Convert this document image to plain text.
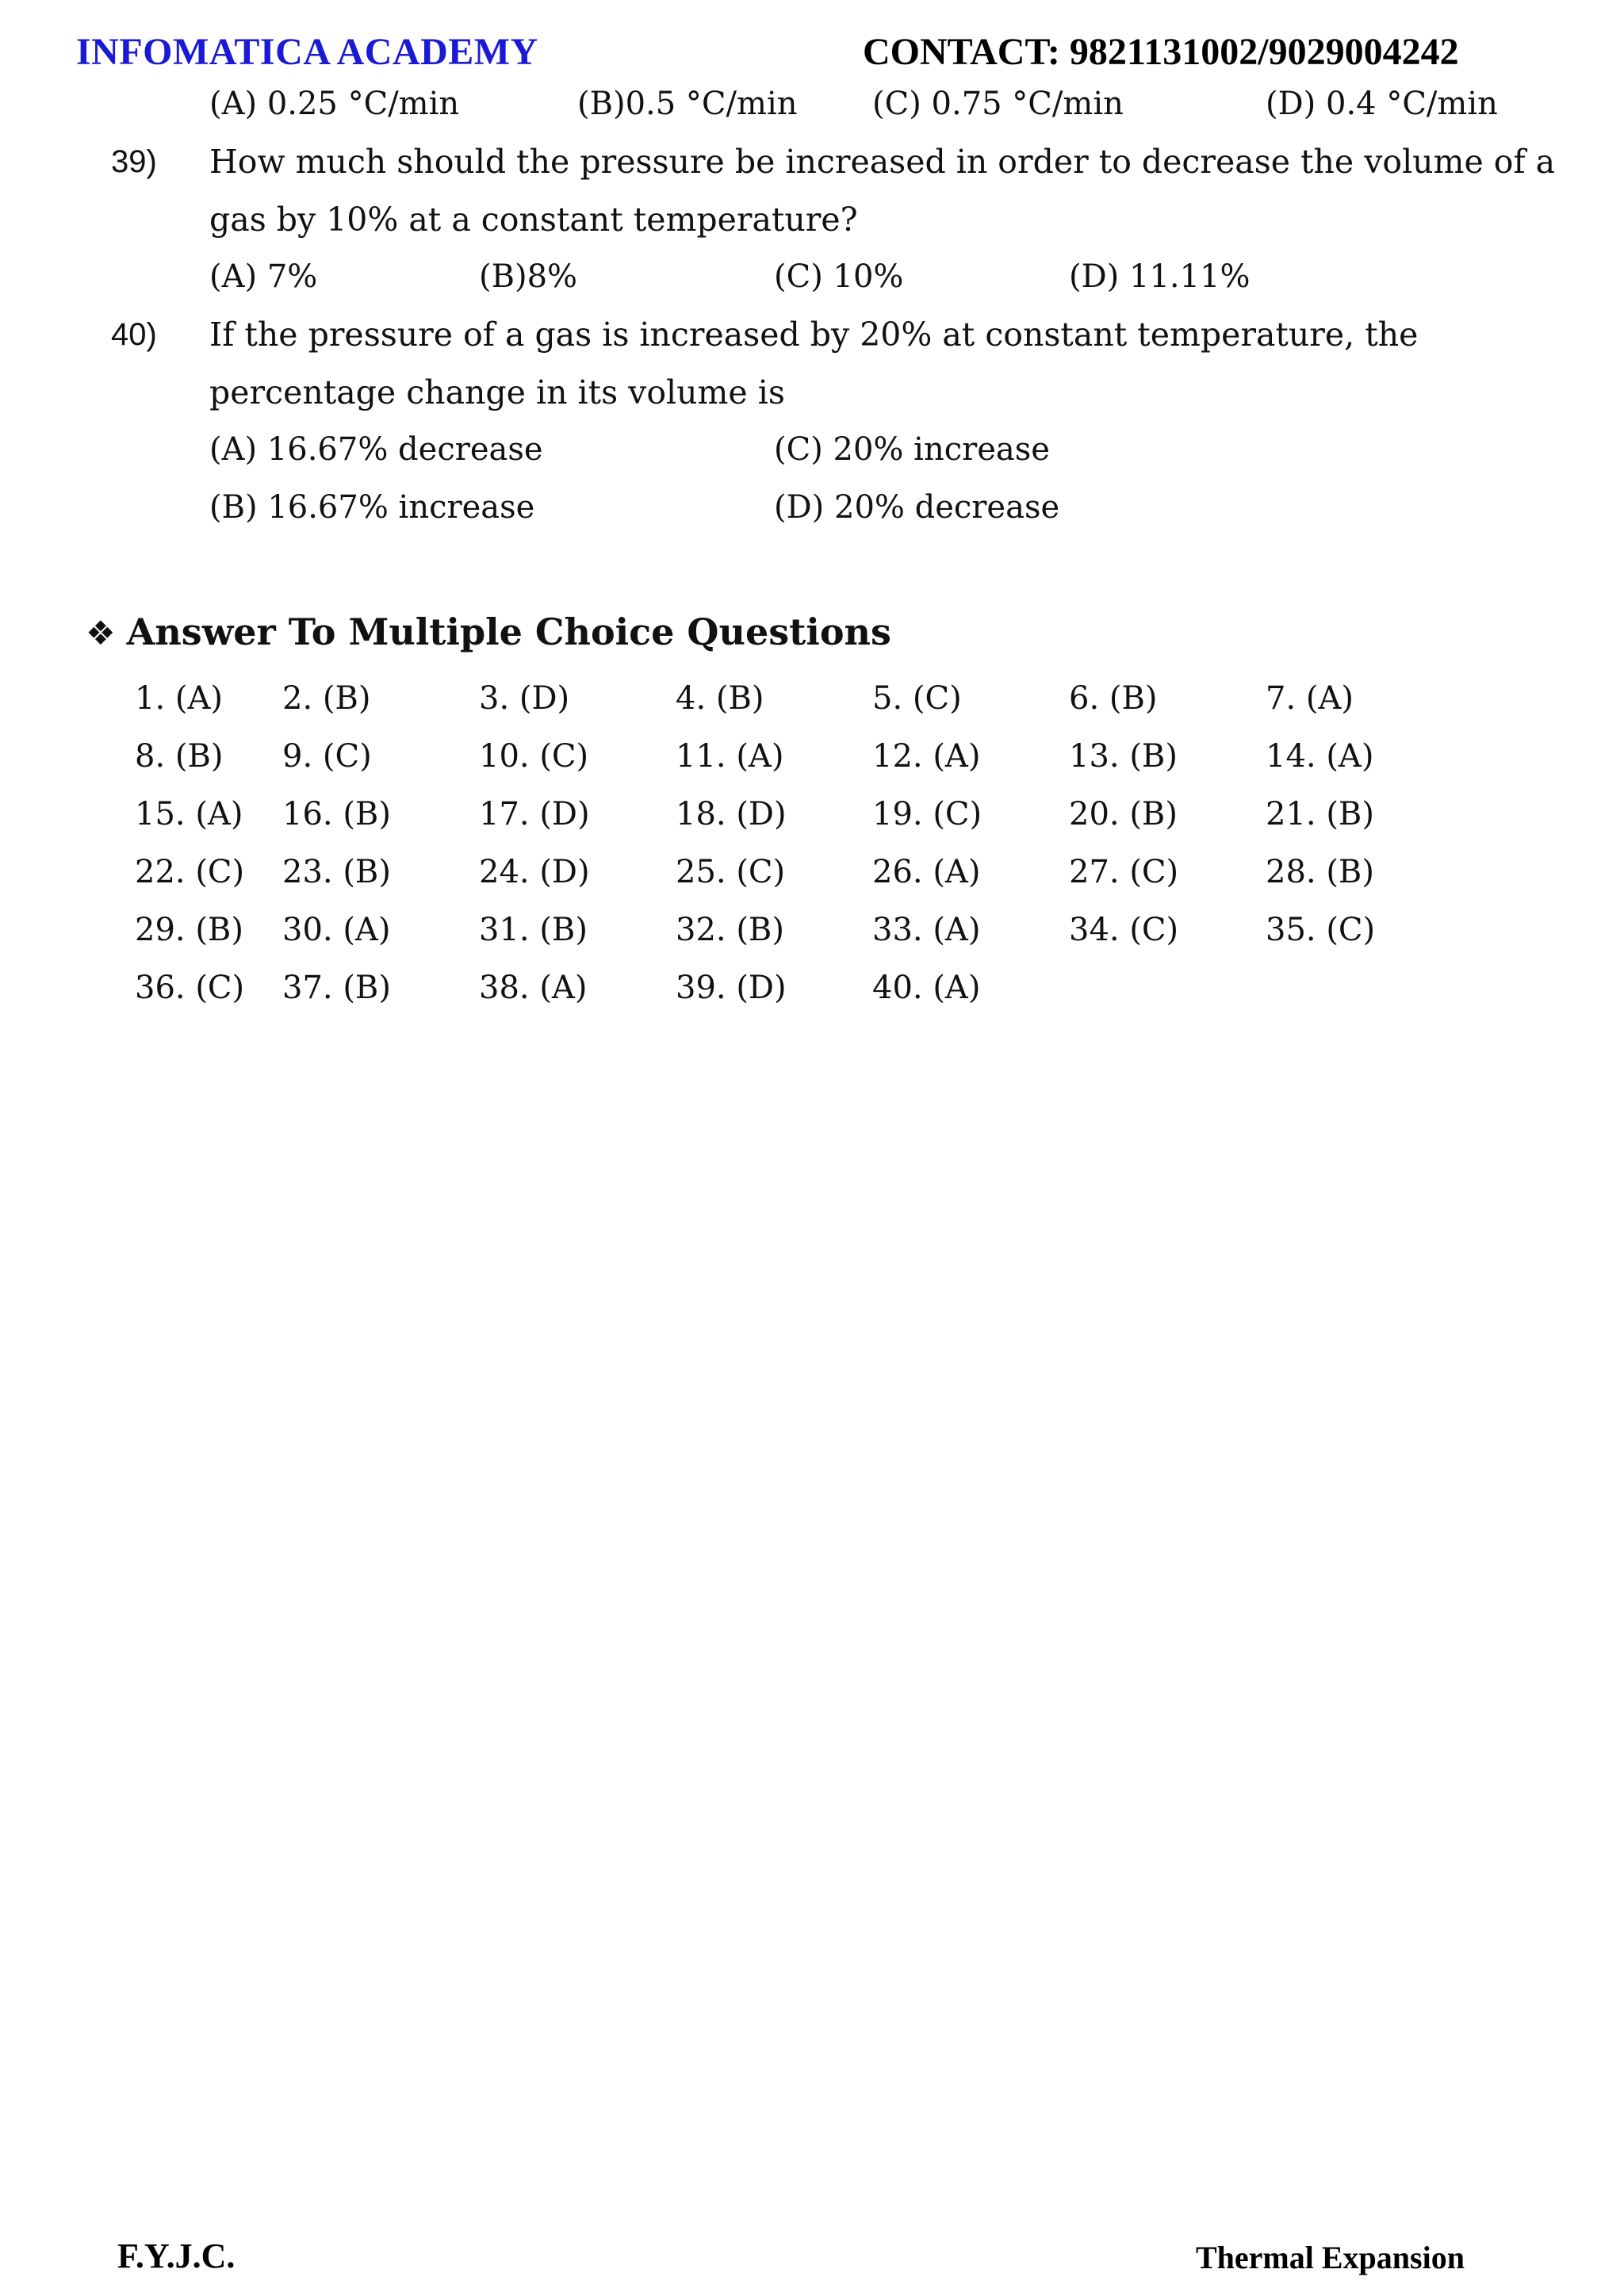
INFOMATICA ACADEMY	CONTACT: 9821131002/9029004242
(A) 0.25 °C/min	(B)0.5 °C/min (C) 0.75 °C/min	(D) 0.4 °C/min
39) How much should the pressure be increased in order to decrease the volume of a
gas by 10% at a constant temperature?
(A) 7%	(B)8%	(C) 10%	(D) 11.11%
40) If the pressure of a gas is increased by 20% at constant temperature, the
percentage change in its volume is
(A) 16.67% decrease	(C) 20% increase
(B) 16.67% increase	(D) 20% decrease
❖ Answer To Multiple Choice Questions
1. (A) 2. (B)	3. (D)	4. (B)	5. (C)	6. (B)	7. (A)
8. (B) 9. (C)	10. (C)	11. (A)	12. (A)	13. (B)	14. (A)
15. (A) 16. (B)	17. (D)	18. (D)	19. (C)	20. (B)	21. (B)
22. (C) 23. (B)	24. (D)	25. (C)	26. (A)	27. (C)	28. (B)
29. (B) 30. (A)	31. (B)	32. (B)	33. (A)	34. (C)	35. (C)
36. (C) 37. (B)	38. (A)	39. (D)	40. (A)
F.Y.J.C.	Thermal Expansion
